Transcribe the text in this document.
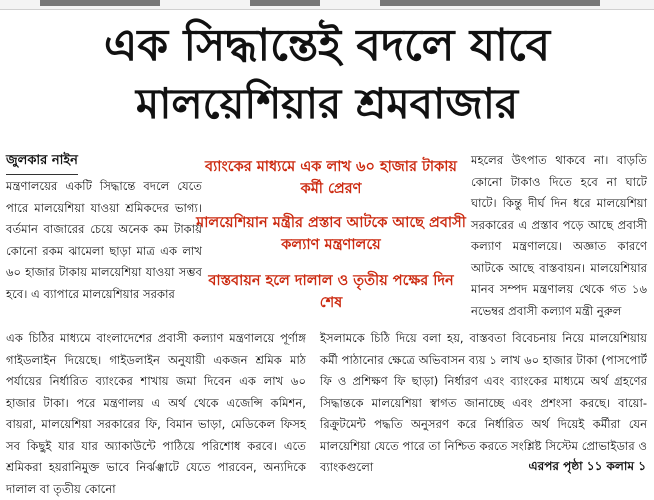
এক সিদ্ধান্তেই বদলে যাবে
মালয়েশিয়ার শ্রমবাজার
জুলকার নাইন

মন্ত্রণালয়ের একটি সিদ্ধান্তে বদলে যেতে পারে মালয়েশিয়া যাওয়া শ্রমিকদের ভাগ্য। বর্তমান বাজারের চেয়ে অনেক কম টাকায় কোনো রকম ঝামেলা ছাড়া মাত্র এক লাখ ৬০ হাজার টাকায় মালয়েশিয়া যাওয়া সম্ভব হবে। এ ব্যাপারে মালয়েশিয়ার সরকার

ব্যাংকের মাধ্যমে এক লাখ ৬০ হাজার টাকায় কর্মী প্রেরণ
মালয়েশিয়ান মন্ত্রীর প্রস্তাব আটকে আছে প্রবাসী কল্যাণ মন্ত্রণালয়ে
বাস্তবায়ন হলে দালাল ও তৃতীয় পক্ষের দিন শেষ

মহলের উৎপাত থাকবে না। বাড়তি কোনো টাকাও দিতে হবে না ঘাটে ঘাটে। কিন্তু দীর্ঘ দিন ধরে মালয়েশিয়া সরকারের এ প্রস্তাব পড়ে আছে প্রবাসী কল্যাণ মন্ত্রণালয়ে। অজ্ঞাত কারণে আটকে আছে বাস্তবায়ন। মালয়েশিয়ার মানব সম্পদ মন্ত্রণালয় থেকে গত ১৬ নভেম্বর প্রবাসী কল্যাণ মন্ত্রী নুরুল

এক চিঠির মাধ্যমে বাংলাদেশের প্রবাসী কল্যাণ মন্ত্রণালয়ে পূর্ণাঙ্গ গাইডলাইন দিয়েছে। গাইডলাইন অনুযায়ী একজন শ্রমিক মাঠ পর্যায়ের নির্ধারিত ব্যাংকের শাখায় জমা দিবেন এক লাখ ৬০ হাজার টাকা। পরে মন্ত্রণালয় এ অর্থ থেকে এজেন্সি কমিশন, বায়রা, মালয়েশিয়া সরকারের ফি, বিমান ভাড়া, মেডিকেল ফিসহ সব কিছুই যার যার অ্যাকাউন্টে পাঠিয়ে পরিশোধ করবে। এতে শ্রমিকরা হয়রানিমুক্ত ভাবে নির্ঝঞ্ঝাটে যেতে পারবেন, অন্যদিকে দালাল বা তৃতীয় কোনো

ইসলামকে চিঠি দিয়ে বলা হয়, বাস্তবতা বিবেচনায় নিয়ে মালয়েশিয়ায় কর্মী পাঠানোর ক্ষেত্রে অভিবাসন ব্যয় ১ লাখ ৬০ হাজার টাকা (পাসপোর্ট ফি ও প্রশিক্ষণ ফি ছাড়া) নির্ধারণ এবং ব্যাংকের মাধ্যমে অর্থ গ্রহণের সিদ্ধান্তকে মালয়েশিয়া স্বাগত জানাচ্ছে এবং প্রশংসা করছে। বায়ো-রিক্রুটমেন্ট পদ্ধতি অনুসরণ করে নির্ধারিত অর্থ দিয়েই কর্মীরা যেন মালয়েশিয়া যেতে পারে তা নিশ্চিত করতে সংশ্লিষ্ট সিস্টেম প্রোভাইডার ও ব্যাংকগুলো	এরপর পৃষ্ঠা ১১ কলাম ১
